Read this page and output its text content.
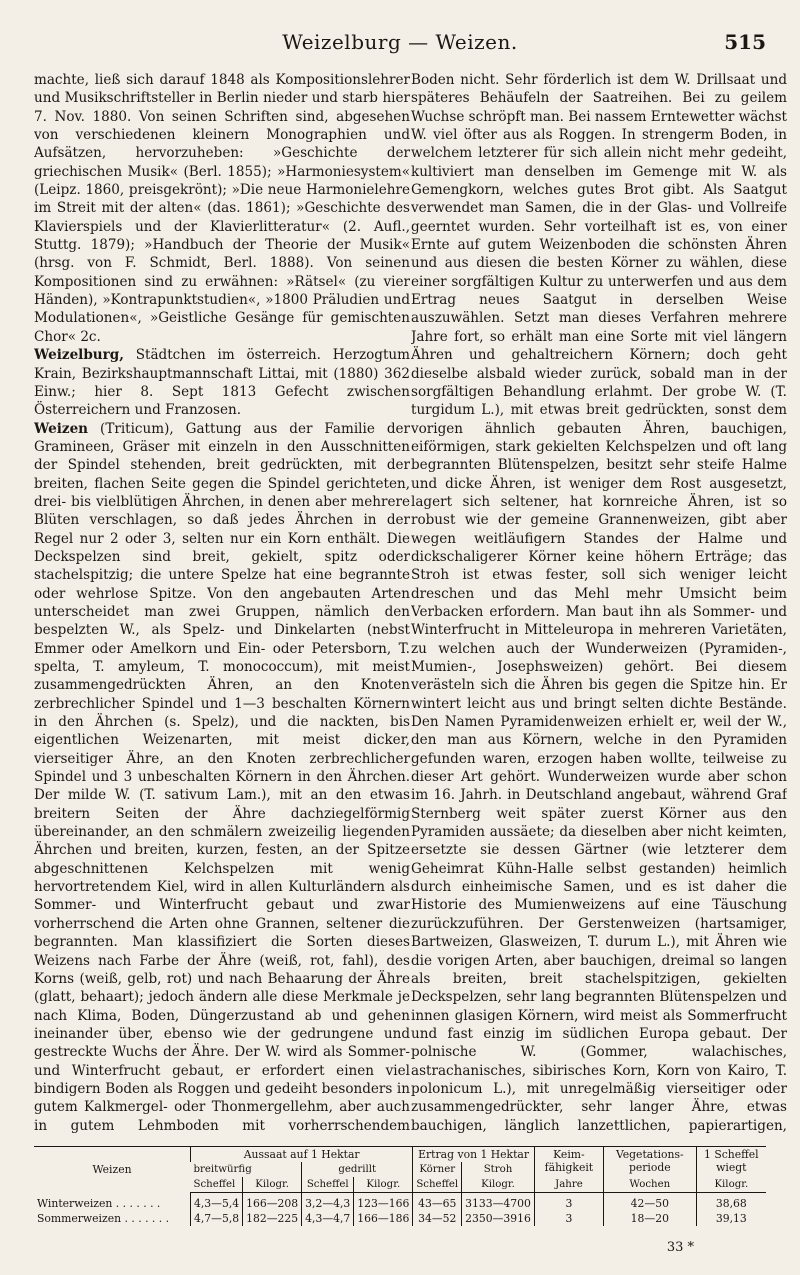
Weizelburg — Weizen.	515

machte, ließ sich darauf 1848 als Kompositionslehrer und Musikschriftsteller in Berlin nieder und starb hier 7. Nov. 1880. Von seinen Schriften sind, abgesehen von verschiedenen kleinern Monographien und Aufsätzen, hervorzuheben: »Geschichte der griechischen Musik« (Berl. 1855); »Harmoniesystem« (Leipz. 1860, preisgekrönt); »Die neue Harmonielehre im Streit mit der alten« (das. 1861); »Geschichte des Klavierspiels und der Klavierlitteratur« (2. Aufl., Stuttg. 1879); »Handbuch der Theorie der Musik« (hrsg. von F. Schmidt, Berl. 1888). Von seinen Kompositionen sind zu erwähnen: »Rätsel« (zu vier Händen), »Kontrapunktstudien«, »1800 Präludien und Modulationen«, »Geistliche Gesänge für gemischten Chor« 2c.

Weizelburg, Städtchen im österreich. Herzogtum Krain, Bezirkshauptmannschaft Littai, mit (1880) 362 Einw.; hier 8. Sept 1813 Gefecht zwischen Österreichern und Franzosen.

Weizen (Triticum), Gattung aus der Familie der Gramineen, Gräser mit einzeln in den Ausschnitten der Spindel stehenden, breit gedrückten, mit der breiten, flachen Seite gegen die Spindel gerichteten, drei- bis vielblütigen Ährchen, in denen aber mehrere Blüten verschlagen, so daß jedes Ährchen in der Regel nur 2 oder 3, selten nur ein Korn enthält. Die Deckspelzen sind breit, gekielt, spitz oder stachelspitzig; die untere Spelze hat eine begrannte oder wehrlose Spitze. Von den angebauten Arten unterscheidet man zwei Gruppen, nämlich den bespelzten W., als Spelz- und Dinkelarten (nebst Emmer oder Amelkorn und Ein- oder Petersborn, T. spelta, T. amyleum, T. monococcum), mit meist zusammengedrückten Ähren, an den Knoten zerbrechlicher Spindel und 1—3 beschalten Körnern in den Ährchen (s. Spelz), und die nackten, bis eigentlichen Weizenarten, mit meist dicker, vierseitiger Ähre, an den Knoten zerbrechlicher Spindel und 3 unbeschalten Körnern in den Ährchen. Der milde W. (T. sativum Lam.), mit an den etwas breitern Seiten der Ähre dachziegelförmig übereinander, an den schmälern zweizeilig liegenden Ährchen und breiten, kurzen, festen, an der Spitze abgeschnittenen Kelchspelzen mit wenig hervortretendem Kiel, wird in allen Kulturländern als Sommer- und Winterfrucht gebaut und zwar vorherrschend die Arten ohne Grannen, seltener die begrannten. Man klassifiziert die Sorten dieses Weizens nach Farbe der Ähre (weiß, rot, fahl), des Korns (weiß, gelb, rot) und nach Behaarung der Ähre (glatt, behaart); jedoch ändern alle diese Merkmale je nach Klima, Boden, Düngerzustand ab und gehen ineinander über, ebenso wie der gedrungene und gestreckte Wuchs der Ähre. Der W. wird als Sommer- und Winterfrucht gebaut, er erfordert einen viel bindigern Boden als Roggen und gedeiht besonders in gutem Kalkmergel- oder Thonmergellehm, aber auch in gutem Lehmboden mit vorherrschendem

Boden nicht. Sehr förderlich ist dem W. Drillsaat und späteres Behäufeln der Saatreihen. Bei zu geilem Wuchse schröpft man. Bei nassem Erntewetter wächst W. viel öfter aus als Roggen. In strengerm Boden, in welchem letzterer für sich allein nicht mehr gedeiht, kultiviert man denselben im Gemenge mit W. als Gemengkorn, welches gutes Brot gibt. Als Saatgut verwendet man Samen, die in der Glas- und Vollreife geerntet wurden. Sehr vorteilhaft ist es, von einer Ernte auf gutem Weizenboden die schönsten Ähren und aus diesen die besten Körner zu wählen, diese einer sorgfältigen Kultur zu unterwerfen und aus dem Ertrag neues Saatgut in derselben Weise auszuwählen. Setzt man dieses Verfahren mehrere Jahre fort, so erhält man eine Sorte mit viel längern Ähren und gehaltreichern Körnern; doch geht dieselbe alsbald wieder zurück, sobald man in der sorgfältigen Behandlung erlahmt. Der grobe W. (T. turgidum L.), mit etwas breit gedrückten, sonst dem vorigen ähnlich gebauten Ähren, bauchigen, eiförmigen, stark gekielten Kelchspelzen und oft lang begrannten Blütenspelzen, besitzt sehr steife Halme und dicke Ähren, ist weniger dem Rost ausgesetzt, lagert sich seltener, hat kornreiche Ähren, ist so robust wie der gemeine Grannenweizen, gibt aber wegen weitläufigern Standes der Halme und dickschaligerer Körner keine höhern Erträge; das Stroh ist etwas fester, soll sich weniger leicht dreschen und das Mehl mehr Umsicht beim Verbacken erfordern. Man baut ihn als Sommer- und Winterfrucht in Mitteleuropa in mehreren Varietäten, zu welchen auch der Wunderweizen (Pyramiden-, Mumien-, Josephsweizen) gehört. Bei diesem verästeln sich die Ähren bis gegen die Spitze hin. Er wintert leicht aus und bringt selten dichte Bestände. Den Namen Pyramidenweizen erhielt er, weil der W., den man aus Körnern, welche in den Pyramiden gefunden waren, erzogen haben wollte, teilweise zu dieser Art gehört. Wunderweizen wurde aber schon im 16. Jahrh. in Deutschland angebaut, während Graf Sternberg weit später zuerst Körner aus den Pyramiden aussäete; da dieselben aber nicht keimten, ersetzte sie dessen Gärtner (wie letzterer dem Geheimrat Kühn-Halle selbst gestanden) heimlich durch einheimische Samen, und es ist daher die Historie des Mumienweizens auf eine Täuschung zurückzuführen. Der Gerstenweizen (hartsamiger, Bartweizen, Glasweizen, T. durum L.), mit Ähren wie die vorigen Arten, aber bauchigen, dreimal so langen als breiten, breit stachelspitzigen, gekielten Deckspelzen, sehr lang begrannten Blütenspelzen und innen glasigen Körnern, wird meist als Sommerfrucht und fast einzig im südlichen Europa gebaut. Der polnische W. (Gommer, walachisches, astrachanisches, sibirisches Korn, Korn von Kairo, T. polonicum L.), mit unregelmäßig vierseitiger oder zusammengedrückter, sehr langer Ähre, etwas bauchigen, länglich lanzettlichen, papierartigen,

Weizen	Aussaat auf 1 Hektar				Ertrag von 1 Hektar		Keim-fähigkeit	Vegetations-periode	1 Scheffel wiegt
	breitwürfig		gedrillt		Körner	Stroh			
	Scheffel	Kilogr.	Scheffel	Kilogr.	Scheffel	Kilogr.	Jahre	Wochen	Kilogr.
Winterweizen . . . . . . .	4,3—5,4	166—208	3,2—4,3	123—166	43—65	3133—4700	3	42—50	38,68
Sommerweizen . . . . . . .	4,7—5,8	182—225	4,3—4,7	166—186	34—52	2350—3916	3	18—20	39,13
33 *
